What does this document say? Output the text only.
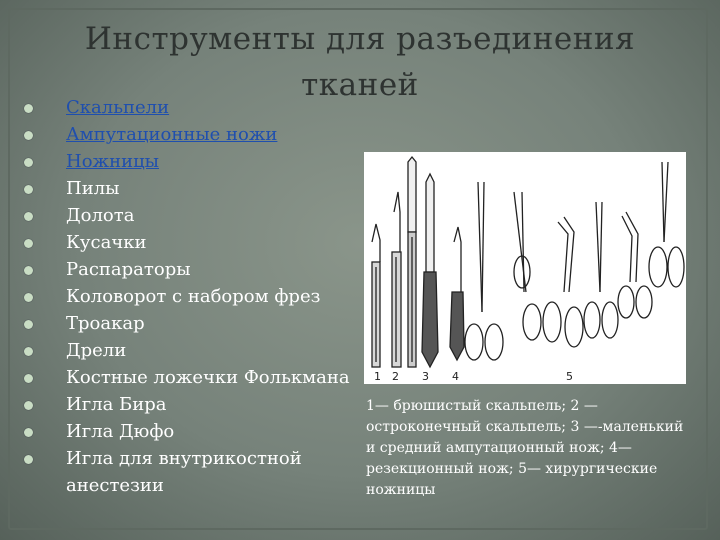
Инструменты для разъединения
тканей
Скальпели
Ампутационные ножи
Ножницы
Пилы
Долота
Кусачки
Распараторы
Коловорот с набором фрез
Троакар
Дрели
Костные ложечки Фолькмана
Игла Бира
Игла Дюфо
Игла для внутрикостной анестезии
1 2 3 4	5
1— брюшистый скальпель; 2 — остроконечный скальпель; 3 —-маленький и средний ампутационный нож; 4— резекционный нож; 5— хирургические ножницы
